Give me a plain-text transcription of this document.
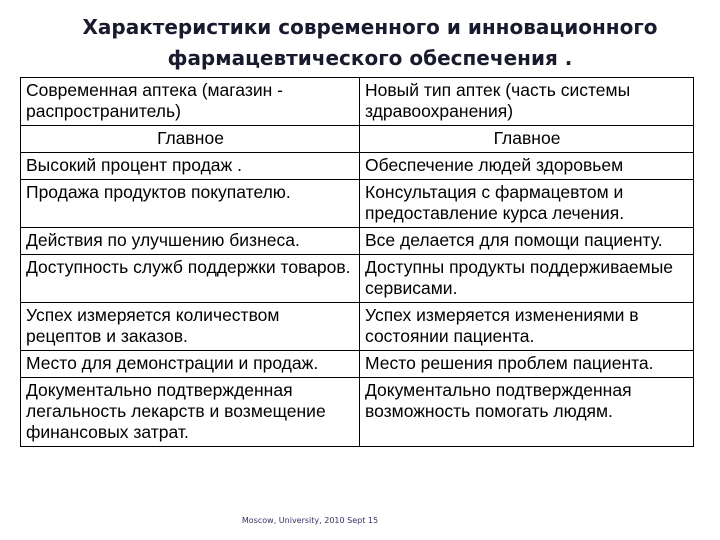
Характеристики современного и инновационного
фармацевтического обеспечения .
Современная аптека (магазин - распространитель)	Новый тип аптек (часть системы здравоохранения)
Главное	Главное
Высокий процент продаж .	Обеспечение людей здоровьем
Продажа продуктов покупателю.	Консультация с фармацевтом и предоставление курса лечения.
Действия по улучшению бизнеса.	Все делается для помощи пациенту.
Доступность служб поддержки товаров.	Доступны продукты поддерживаемые сервисами.
Успех измеряется количеством рецептов и заказов.	Успех измеряется изменениями в состоянии пациента.
Место для демонстрации и продаж.	Место решения проблем пациента.
Документально подтвержденная легальность лекарств и возмещение финансовых затрат.	Документально подтвержденная возможность помогать людям.
Moscow, University, 2010 Sept 15
